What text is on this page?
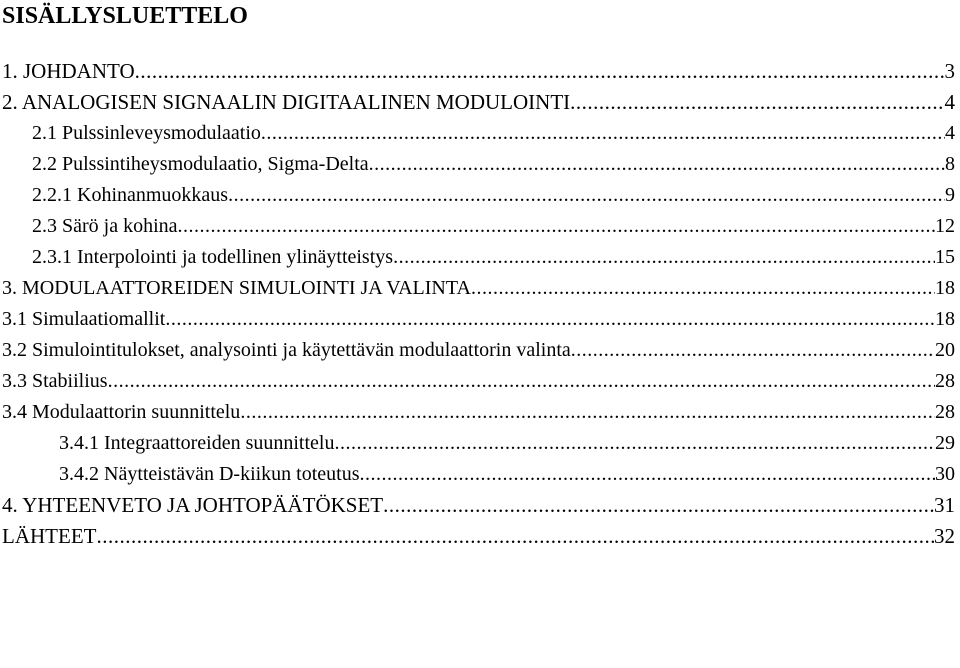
SISÄLLYSLUETTELO
1. JOHDANTO .....	3
2. ANALOGISEN SIGNAALIN DIGITAALINEN MODULOINTI .....	4
2.1 Pulssinleveysmodulaatio .....	4
2.2 Pulssintiheysmodulaatio, Sigma-Delta .....	8
2.2.1 Kohinanmuokkaus .....	9
2.3 Särö ja kohina .....	12
2.3.1 Interpolointi ja todellinen ylinäytteistys .....	15
3. MODULAATTOREIDEN SIMULOINTI JA VALINTA .....	18
3.1 Simulaatiomallit .....	18
3.2 Simulointitulokset, analysointi ja käytettävän modulaattorin valinta .....	20
3.3 Stabiilius .....	28
3.4 Modulaattorin suunnittelu .....	28
3.4.1 Integraattoreiden suunnittelu .....	29
3.4.2 Näytteistävän D-kiikun toteutus .....	30
4. YHTEENVETO JA JOHTOPÄÄTÖKSET .....	31
LÄHTEET .....	32
